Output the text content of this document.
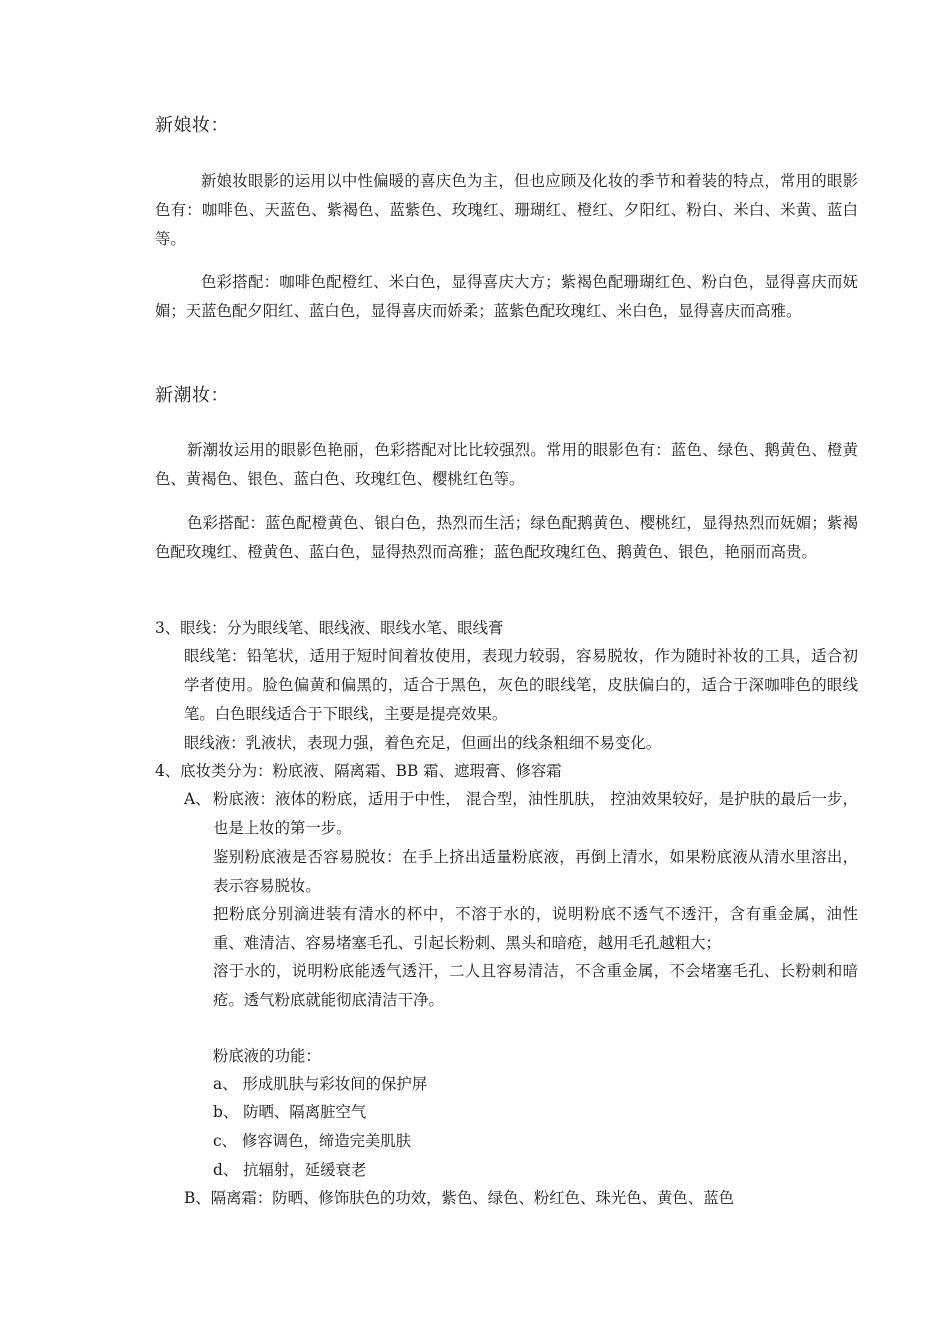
新娘妆：
新娘妆眼影的运用以中性偏暖的喜庆色为主，但也应顾及化妆的季节和着装的特点，常用的眼影色有：咖啡色、天蓝色、紫褐色、蓝紫色、玫瑰红、珊瑚红、橙红、夕阳红、粉白、米白、米黄、蓝白等。
色彩搭配：咖啡色配橙红、米白色，显得喜庆大方；紫褐色配珊瑚红色、粉白色，显得喜庆而妩媚；天蓝色配夕阳红、蓝白色，显得喜庆而娇柔；蓝紫色配玫瑰红、米白色，显得喜庆而高雅。
新潮妆：
新潮妆运用的眼影色艳丽，色彩搭配对比比较强烈。常用的眼影色有：蓝色、绿色、鹅黄色、橙黄色、黄褐色、银色、蓝白色、玫瑰红色、樱桃红色等。
色彩搭配：蓝色配橙黄色、银白色，热烈而生活；绿色配鹅黄色、樱桃红，显得热烈而妩媚；紫褐色配玫瑰红、橙黄色、蓝白色，显得热烈而高雅；蓝色配玫瑰红色、鹅黄色、银色，艳丽而高贵。
3、眼线：分为眼线笔、眼线液、眼线水笔、眼线膏
眼线笔：铅笔状，适用于短时间着妆使用，表现力较弱，容易脱妆，作为随时补妆的工具，适合初学者使用。脸色偏黄和偏黑的，适合于黑色，灰色的眼线笔，皮肤偏白的，适合于深咖啡色的眼线笔。白色眼线适合于下眼线，主要是提亮效果。
眼线液：乳液状，表现力强，着色充足，但画出的线条粗细不易变化。
4、底妆类分为：粉底液、隔离霜、BB 霜、遮瑕膏、修容霜
A、 粉底液：液体的粉底，适用于中性， 混合型，油性肌肤， 控油效果较好，是护肤的最后一步，也是上妆的第一步。
鉴别粉底液是否容易脱妆：在手上挤出适量粉底液，再倒上清水，如果粉底液从清水里溶出，表示容易脱妆。
把粉底分别滴进装有清水的杯中，不溶于水的，说明粉底不透气不透汗，含有重金属，油性重、难清洁、容易堵塞毛孔、引起长粉刺、黑头和暗疮，越用毛孔越粗大；
溶于水的，说明粉底能透气透汗，二人且容易清洁，不含重金属，不会堵塞毛孔、长粉刺和暗疮。透气粉底就能彻底清洁干净。
粉底液的功能：
a、 形成肌肤与彩妆间的保护屏
b、 防晒、隔离脏空气
c、 修容调色，缔造完美肌肤
d、 抗辐射，延缓衰老
B、隔离霜：防晒、修饰肤色的功效，紫色、绿色、粉红色、珠光色、黄色、蓝色
